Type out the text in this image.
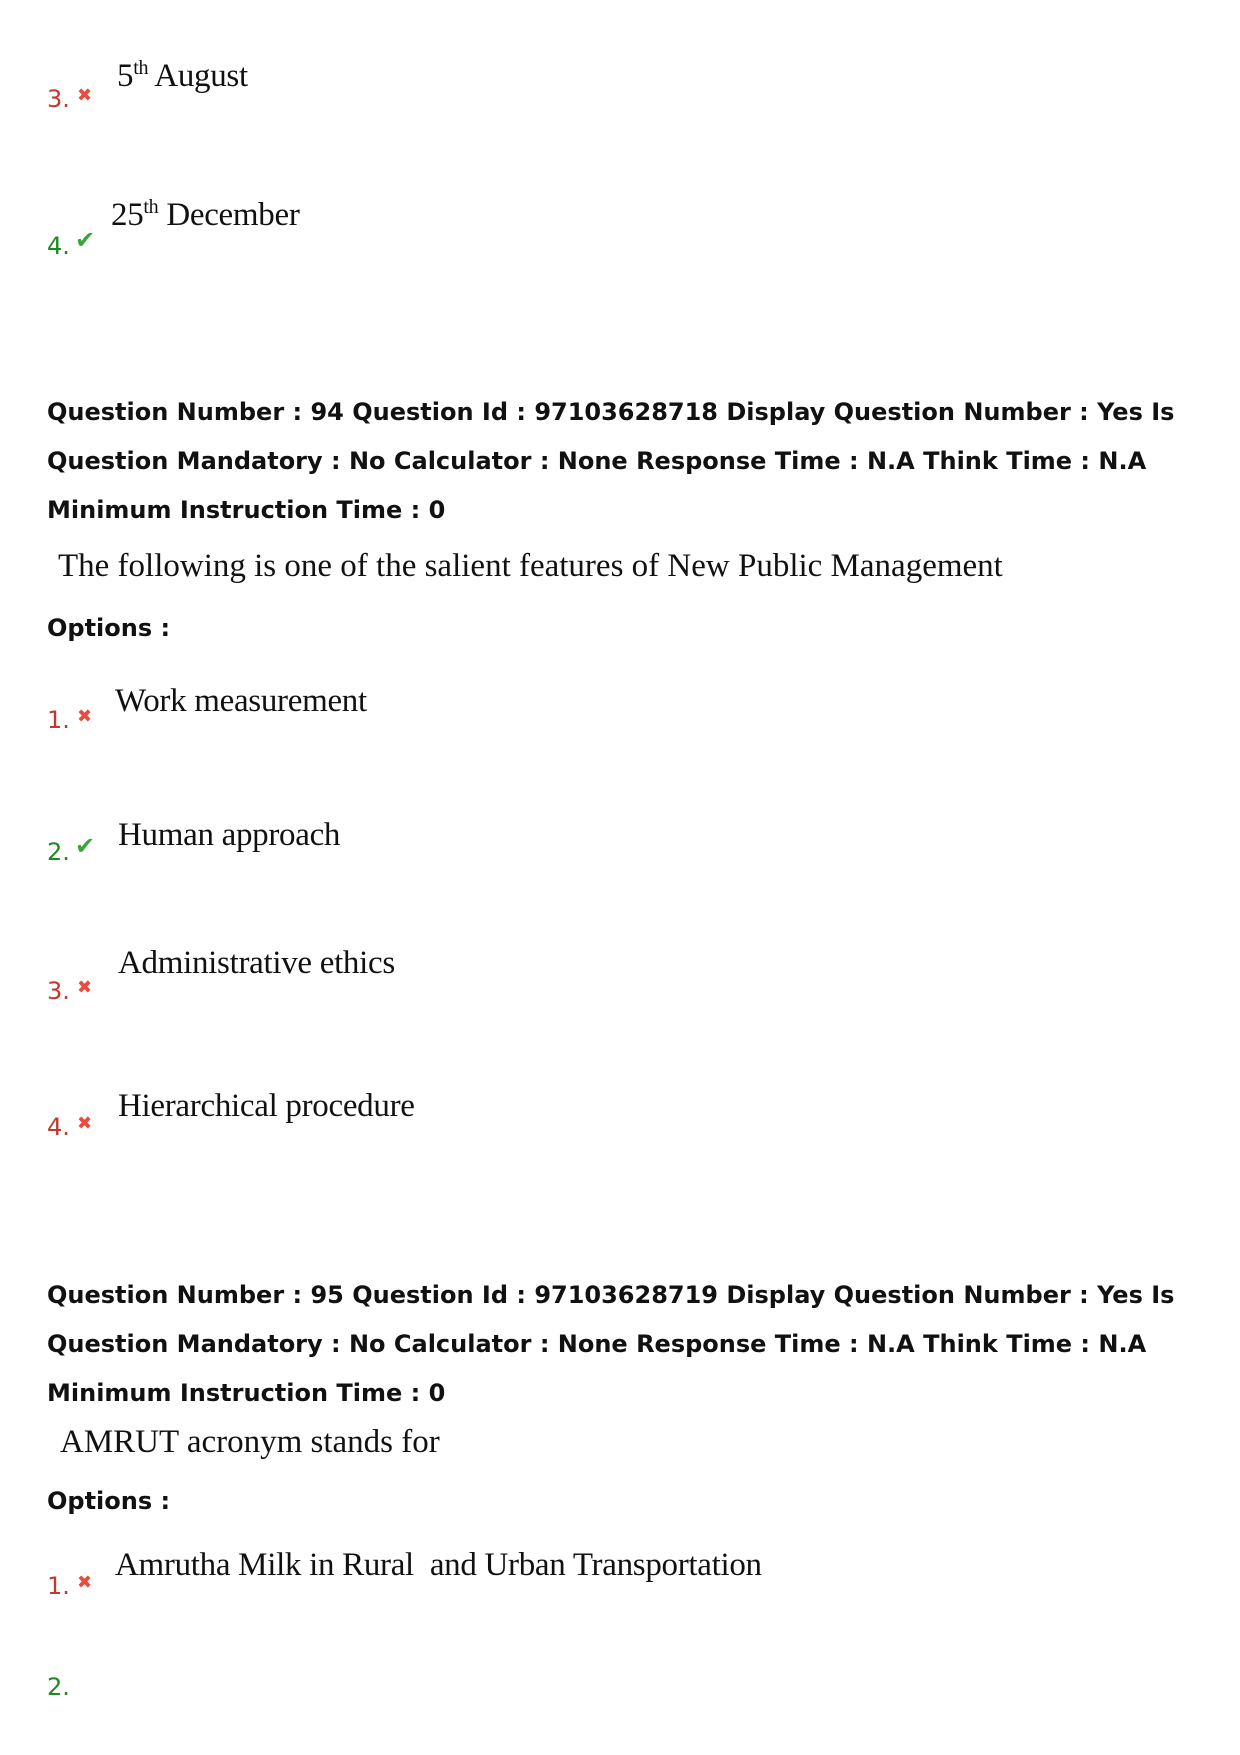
3. ✖
5th August
4. ✔
25th December
Question Number : 94 Question Id : 97103628718 Display Question Number : Yes Is Question Mandatory : No Calculator : None Response Time : N.A Think Time : N.A Minimum Instruction Time : 0
The following is one of the salient features of New Public Management
Options :
1. ✖ Work measurement
2. ✔ Human approach
3. ✖
Administrative ethics
4. ✖ Hierarchical procedure
Question Number : 95 Question Id : 97103628719 Display Question Number : Yes Is Question Mandatory : No Calculator : None Response Time : N.A Think Time : N.A Minimum Instruction Time : 0
AMRUT acronym stands for
Options :
1. ✖ Amrutha Milk in Rural  and Urban Transportation
2.
